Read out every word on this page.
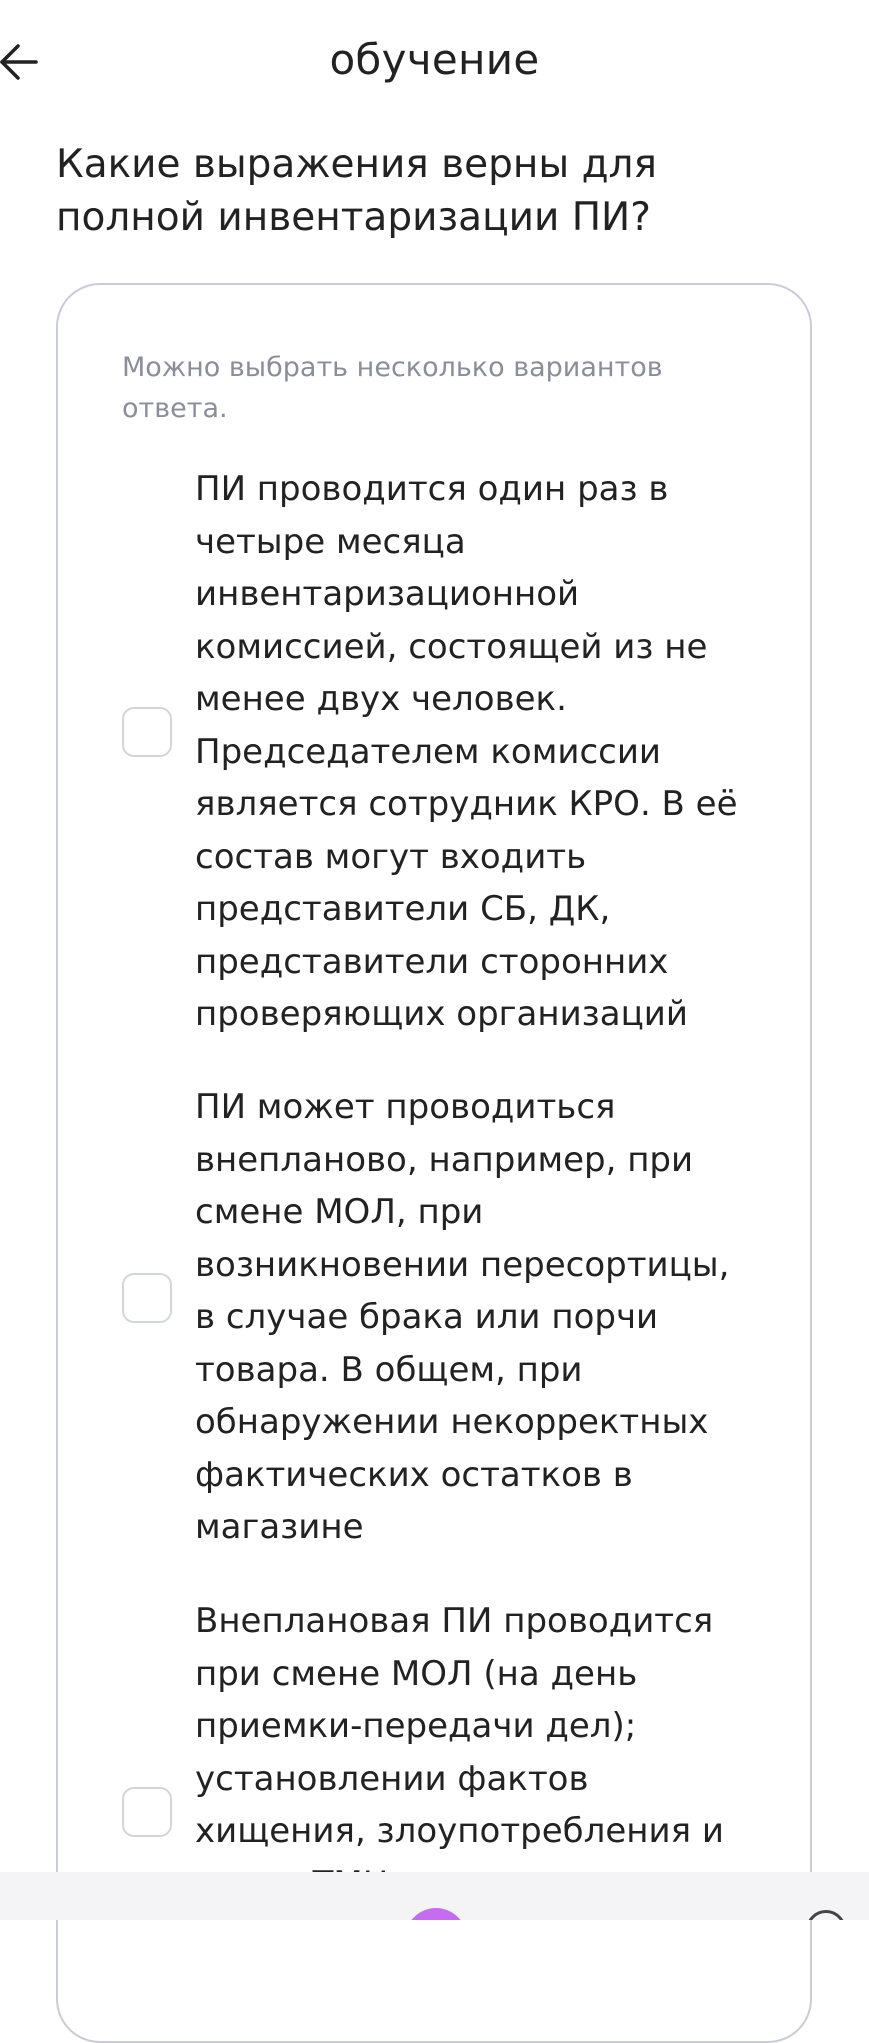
обучение
Какие выражения верны для полной инвентаризации ПИ?
Можно выбрать несколько вариантов ответа.
ПИ проводится один раз в четыре месяца инвентаризационной комиссией, состоящей из не менее двух человек. Председателем комиссии является сотрудник КРО. В её состав могут входить представители СБ, ДК, представители сторонних проверяющих организаций
ПИ может проводиться внепланово, например, при смене МОЛ, при возникновении пересортицы, в случае брака или порчи товара. В общем, при обнаружении некорректных фактических остатков в магазине
Внеплановая ПИ проводится при смене МОЛ (на день приемки-передачи дел); установлении фактов хищения, злоупотребления и
